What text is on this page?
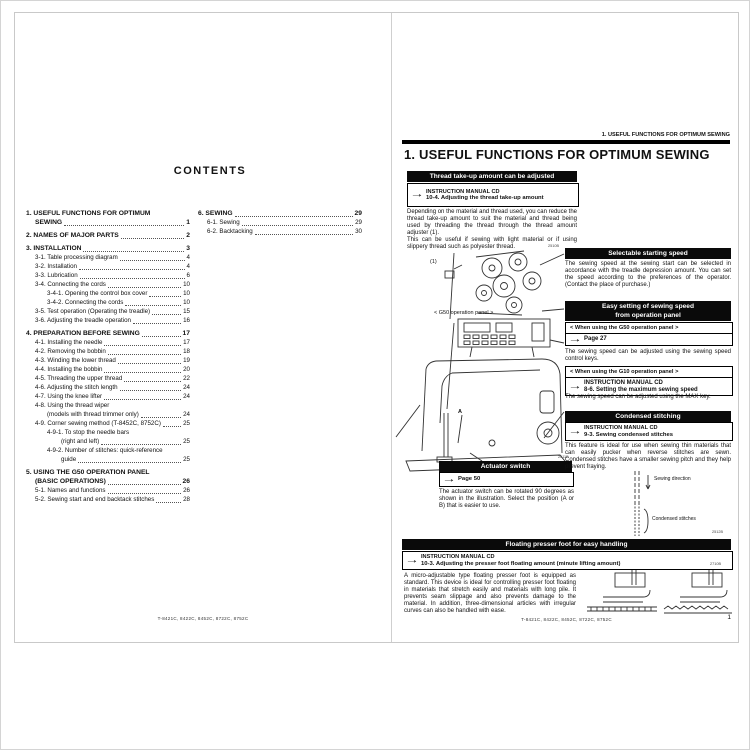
CONTENTS
1. USEFUL FUNCTIONS FOR OPTIMUM
SEWING	1
2. NAMES OF MAJOR PARTS	2
3. INSTALLATION	3
3-1. Table processing diagram	4
3-2. Installation	4
3-3. Lubrication	6
3-4. Connecting the cords	10
3-4-1. Opening the control box cover	10
3-4-2. Connecting the cords	10
3-5. Test operation (Operating the treadle)	15
3-6. Adjusting the treadle operation	16
4. PREPARATION BEFORE SEWING	17
4-1. Installing the needle	17
4-2. Removing the bobbin	18
4-3. Winding the lower thread	19
4-4. Installing the bobbin	20
4-5. Threading the upper thread	22
4-6. Adjusting the stitch length	24
4-7. Using the knee lifter	24
4-8. Using the thread wiper
(models with thread trimmer only)	24
4-9. Corner sewing method (T-8452C, 8752C)	25
4-9-1. To stop the needle bars
(right and left)	25
4-9-2. Number of stitches: quick-reference
guide	25
5. USING THE G50 OPERATION PANEL
(BASIC OPERATIONS)	26
5-1. Names and functions	26
5-2. Sewing start and end backtack stitches	28
6. SEWING	29
6-1. Sewing	29
6-2. Backtacking	30
T-8421C, 8422C, 8452C, 8722C, 8752C
1. USEFUL FUNCTIONS FOR OPTIMUM SEWING
1. USEFUL FUNCTIONS FOR OPTIMUM SEWING
Thread take-up amount can be adjusted
→ INSTRUCTION MANUAL CD
10-4. Adjusting the thread take-up amount
Depending on the material and thread used, you can reduce the thread take-up amount to suit the material and thread being used by threading the thread through the thread amount adjuster (1).
This can be useful if sewing with light material or if using slippery thread such as polyester thread.	2510B
(1)
< G50 operation panel >
A
2611B
Actuator switch
→ Page 50
The actuator switch can be rotated 90 degrees as shown in the illustration. Select the position (A or B) that is easier to use.
Selectable starting speed
The sewing speed at the sewing start can be selected in accordance with the treadle depression amount. You can set the speed according to the preferences of the operator. (Contact the place of purchase.)
Easy setting of sewing speed
from operation panel
< When using the G50 operation panel >
→ Page 27
The sewing speed can be adjusted using the sewing speed control keys.
< When using the G10 operation panel >
→ INSTRUCTION MANUAL CD
8-6. Setting the maximum sewing speed
The sewing speed can be adjusted using the MAX key.
Condensed stitching
→ INSTRUCTION MANUAL CD
9-3. Sewing condensed stitches
This feature is ideal for use when sewing thin materials that can easily pucker when reverse stitches are sewn. Condensed stitches have a smaller sewing pitch and they help prevent fraying.
Sewing direction
Condensed stitches
2512B
Floating presser foot for easy handling
→ INSTRUCTION MANUAL CD
10-3. Adjusting the presser foot floating amount (minute lifting amount)
A micro-adjustable type floating presser foot is equipped as standard. This device is ideal for controlling presser foot floating in materials that stretch easily and materials with long pile. It prevents seam slippage and also prevents damage to the material. In addition, three-dimensional articles with irregular curves can also be handled with ease.
2710B
T-8421C, 8422C, 8452C, 8722C, 8752C	1
